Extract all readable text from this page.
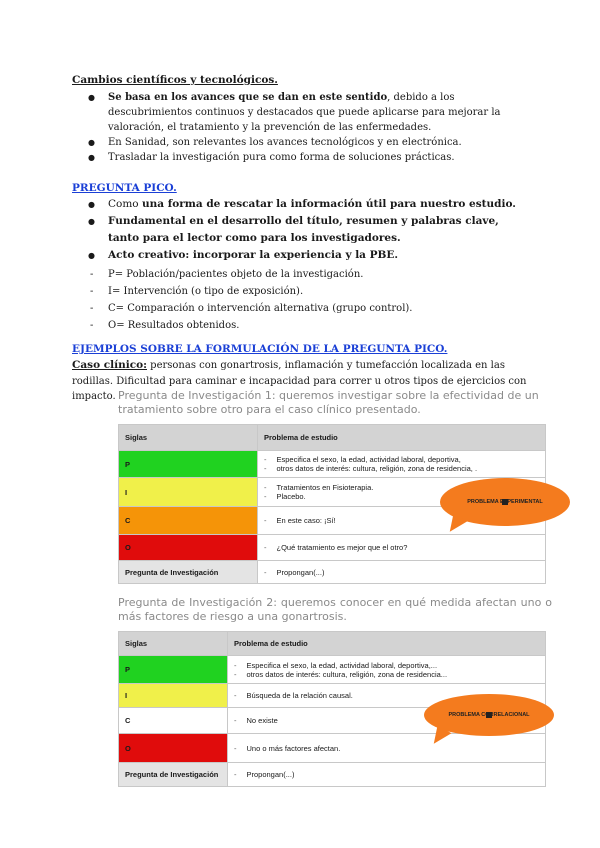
Cambios científicos y tecnológicos.
● Se basa en los avances que se dan en este sentido, debido a los descubrimientos continuos y destacados que puede aplicarse para mejorar la valoración, el tratamiento y la prevención de las enfermedades.
● En Sanidad, son relevantes los avances tecnológicos y en electrónica.
● Trasladar la investigación pura como forma de soluciones prácticas.
PREGUNTA PICO.
● Como una forma de rescatar la información útil para nuestro estudio.
● Fundamental en el desarrollo del título, resumen y palabras clave, tanto para el lector como para los investigadores.
● Acto creativo: incorporar la experiencia y la PBE.
- P= Población/pacientes objeto de la investigación.
- I= Intervención (o tipo de exposición).
- C= Comparación o intervención alternativa (grupo control).
- O= Resultados obtenidos.
EJEMPLOS SOBRE LA FORMULACIÓN DE LA PREGUNTA PICO.
Caso clínico: personas con gonartrosis, inflamación y tumefacción localizada en las rodillas. Dificultad para caminar e incapacidad para correr u otros tipos de ejercicios con impacto. Pregunta de Investigación 1: queremos investigar sobre la efectividad de un tratamiento sobre otro para el caso clínico presentado.
Siglas	Problema de estudio
P	- Especifica el sexo, la edad, actividad laboral, deportiva,
- otros datos de interés: cultura, religión, zona de residencia, .

I	- Tratamientos en Fisioterapia.
- Placebo.

C	- En este caso: ¡Sí!

O	- ¿Qué tratamiento es mejor que el otro?

Pregunta de Investigación	- Propongan(...)
PROBLEMA EXPERIMENTAL
Pregunta de Investigación 2: queremos conocer en qué medida afectan uno o más factores de riesgo a una gonartrosis.
Siglas	Problema de estudio
P	- Especifica el sexo, la edad, actividad laboral, deportiva,...
- otros datos de interés: cultura, religión, zona de residencia...

I	- Búsqueda de la relación causal.

C	- No existe

O	- Uno o más factores afectan.

Pregunta de Investigación	- Propongan(...)
PROBLEMA CORRELACIONAL
